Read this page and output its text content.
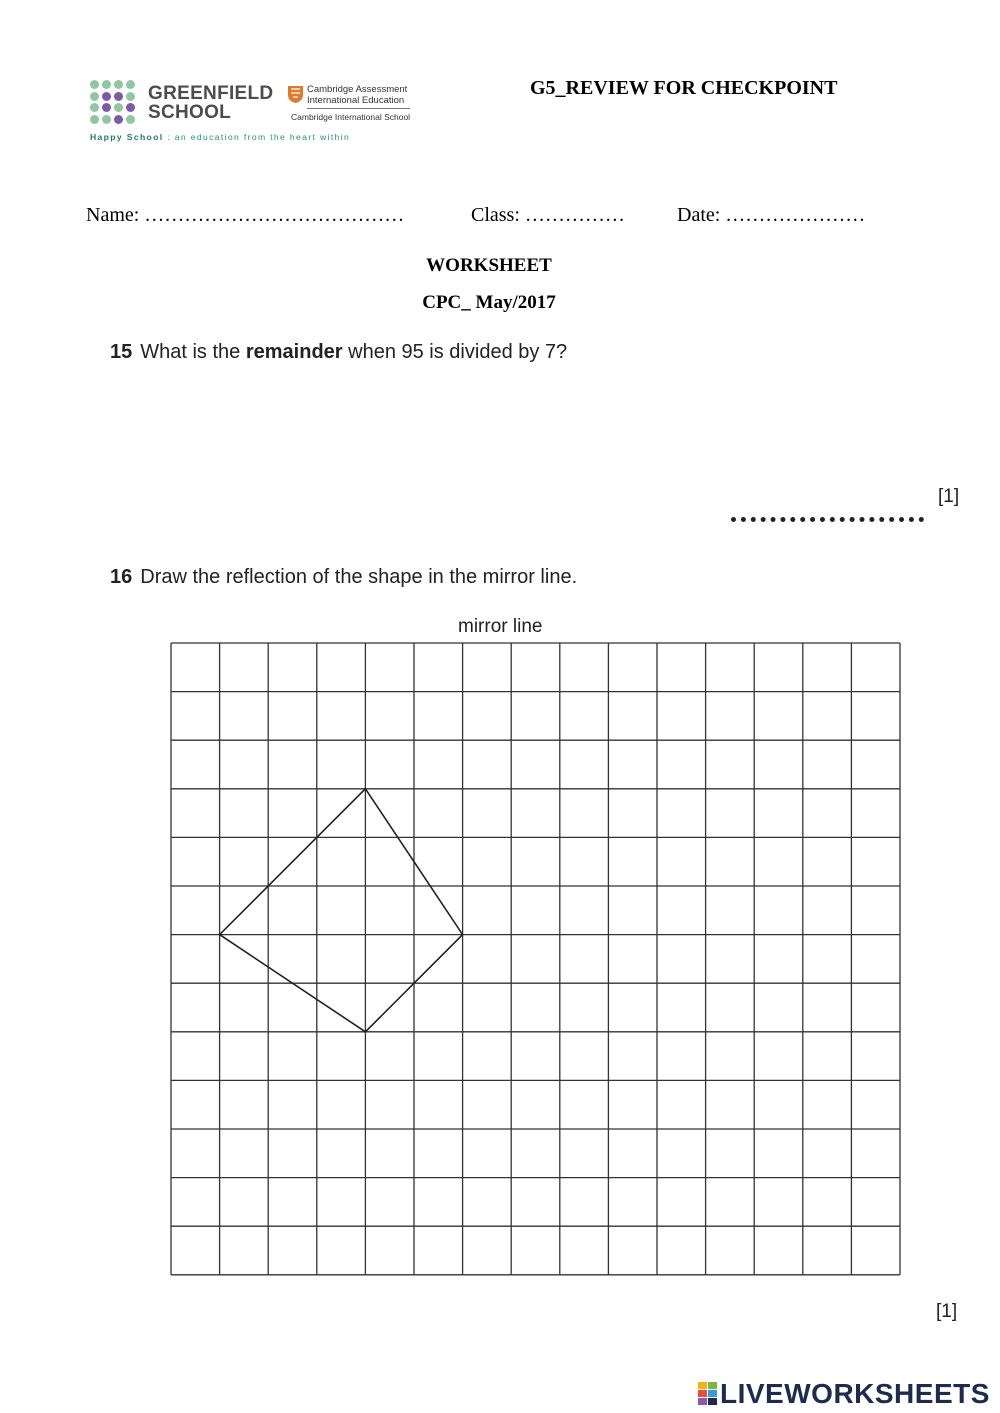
GREENFIELD
SCHOOL
Cambridge Assessment
International Education
Cambridge International School
Happy School : an education from the heart within
G5_REVIEW FOR CHECKPOINT
Name: …………………………………	Class: ……………	Date: …………………
WORKSHEET
CPC_ May/2017
15 What is the remainder when 95 is divided by 7?
[1]
16 Draw the reflection of the shape in the mirror line.
mirror line
[1]
LIVEWORKSHEETS
